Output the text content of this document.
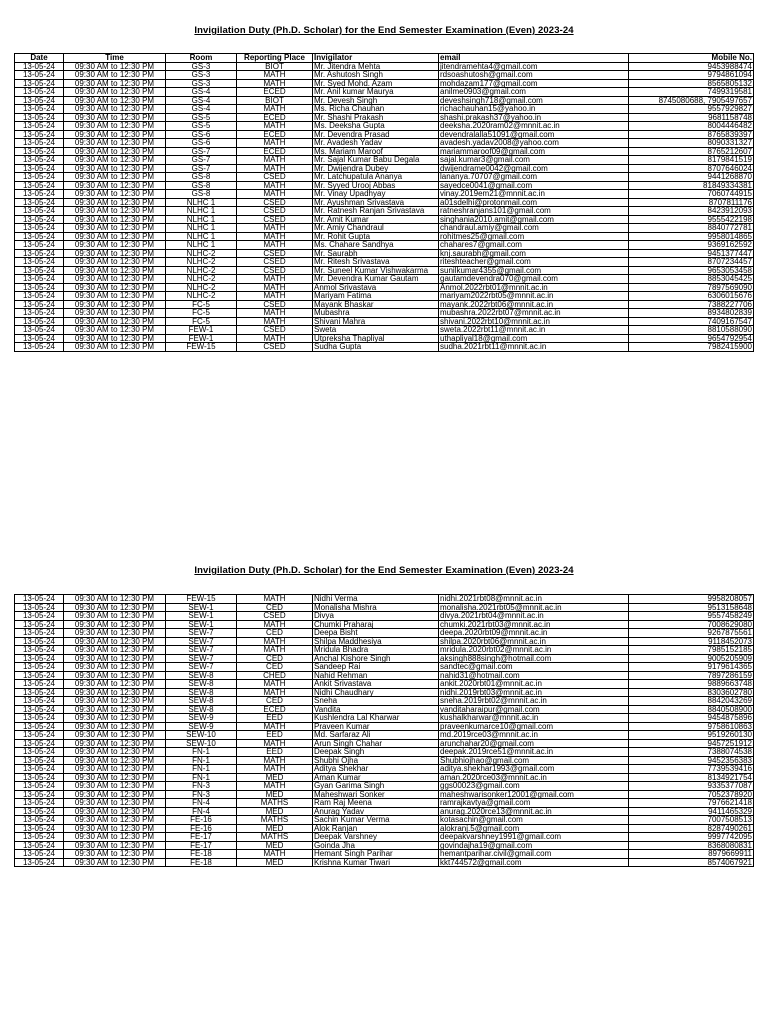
Invigilation Duty (Ph.D. Scholar) for the End Semester Examination (Even) 2023-24
Date	Time	Room	Reporting Place	Invigilator	email	Mobile No.
13-05-24	09:30 AM to 12:30 PM	GS-3	BIOT	Mr. Jitendra Mehta	jitendramehta4@gmail.com	9453988474
13-05-24	09:30 AM to 12:30 PM	GS-3	MATH	Mr. Ashutosh Singh	rdsoashutosh@gmail.com	9794861094
13-05-24	09:30 AM to 12:30 PM	GS-3	MATH	Mr. Syed Mohd. Azam	mohdazam177@gmail.com	8565805132
13-05-24	09:30 AM to 12:30 PM	GS-4	ECED	Mr. Anil kumar Maurya	anilme0903@gmail.com	7499319581
13-05-24	09:30 AM to 12:30 PM	GS-4	BIOT	Mr. Devesh Singh	deveshsingh718@gmail.com	8745080688, 7905497657
13-05-24	09:30 AM to 12:30 PM	GS-4	MATH	Ms. Richa Chauhan	richachauhan15@yahoo.in	9557929827
13-05-24	09:30 AM to 12:30 PM	GS-5	ECED	Mr. Shashi Prakash	shashi.prakash37@yahoo.in	9681158748
13-05-24	09:30 AM to 12:30 PM	GS-5	MATH	Ms. Deeksha Gupta	deeksha.2020ram02@mnnit.ac.in	8004446482
13-05-24	09:30 AM to 12:30 PM	GS-6	ECED	Mr. Devendra Prasad	devendralalla51091@gmail.com	8765839397
13-05-24	09:30 AM to 12:30 PM	GS-6	MATH	Mr. Avadesh Yadav	avadesh.yadav2008@yahoo.com	8090331327
13-05-24	09:30 AM to 12:30 PM	GS-7	ECED	Ms. Mariam Maroof	mariammaroof09@gmail.com	8765212607
13-05-24	09:30 AM to 12:30 PM	GS-7	MATH	Mr. Sajal Kumar Babu Degala	sajal.kumar3@gmail.com	8179841519
13-05-24	09:30 AM to 12:30 PM	GS-7	MATH	Mr. Dwijendra Dubey	dwijendrame0042@gmail.com	8707646024
13-05-24	09:30 AM to 12:30 PM	GS-8	CSED	Mr. Latchupatula Ananya	lananya.70707@gmail.com	9441268870
13-05-24	09:30 AM to 12:30 PM	GS-8	MATH	Mr. Syyed Urooj Abbas	sayedce0041@gmail.com	81849334381
13-05-24	09:30 AM to 12:30 PM	GS-8	MATH	Mr. Vinay Upadhyay	vinay.2019em21@mnnit.ac.in	7060744915
13-05-24	09:30 AM to 12:30 PM	NLHC 1	CSED	Mr. Ayushman Srivastava	a01sdelhi@protonmail.com	8707811176
13-05-24	09:30 AM to 12:30 PM	NLHC 1	CSED	Mr. Ratnesh Ranjan Srivastava	ratneshranjans101@gmail.com	8423912093
13-05-24	09:30 AM to 12:30 PM	NLHC 1	CSED	Mr. Amit Kumar	singhania2010.amit@gmail.com	9555422198
13-05-24	09:30 AM to 12:30 PM	NLHC 1	MATH	Mr. Amiy Chandraul	chandraul.amiy@gmail.com	8840772781
13-05-24	09:30 AM to 12:30 PM	NLHC 1	MATH	Mr. Rohit Gupta	rohitmes25@gmail.com	9958014865
13-05-24	09:30 AM to 12:30 PM	NLHC 1	MATH	Ms. Chahare Sandhya	chahares7@gmail.com	9369162592
13-05-24	09:30 AM to 12:30 PM	NLHC-2	CSED	Mr. Saurabh	knj.saurabh@gmail.com	9451377447
13-05-24	09:30 AM to 12:30 PM	NLHC-2	CSED	Mr. Ritesh Srivastava	riteshteacher@gmail.com	8707234457
13-05-24	09:30 AM to 12:30 PM	NLHC-2	CSED	Mr. Suneel Kumar Vishwakarma	sunilkumar4355@gmail.com	9653053458
13-05-24	09:30 AM to 12:30 PM	NLHC-2	MATH	Mr. Devendra Kumar Gautam	gautamdevendra070@gmail.com	8853045425
13-05-24	09:30 AM to 12:30 PM	NLHC-2	MATH	Anmol Srivastava	Anmol.2022rbt01@mnnit.ac.in	7897569090
13-05-24	09:30 AM to 12:30 PM	NLHC-2	MATH	Mariyam Fatima	mariyam2022rbt05@mnnit.ac.in	6306015676
13-05-24	09:30 AM to 12:30 PM	FC-5	CSED	Mayank Bhaskar	mayank.2022rbt06@mnnit.ac.in	7388227706
13-05-24	09:30 AM to 12:30 PM	FC-5	MATH	Mubashra	mubashra.2022rbt07@mnnit.ac.in	8934802839
13-05-24	09:30 AM to 12:30 PM	FC-5	MATH	Shivani Mahra	shivani.2022rbt10@mnnit.ac.in	7409167547
13-05-24	09:30 AM to 12:30 PM	FEW-1	CSED	Sweta	sweta.2022rbt11@mnnit.ac.in	8810588090
13-05-24	09:30 AM to 12:30 PM	FEW-1	MATH	Utpreksha Thapliyal	uthapliyal18@gmail.com	9654792954
13-05-24	09:30 AM to 12:30 PM	FEW-15	CSED	Sudha Gupta	sudha.2021rbt11@mnnit.ac.in	7982415900
Invigilation Duty (Ph.D. Scholar) for the End Semester Examination (Even) 2023-24
13-05-24	09:30 AM to 12:30 PM	FEW-15	MATH	Nidhi Verma	nidhi.2021rbt08@mnnit.ac.in	9958208057
13-05-24	09:30 AM to 12:30 PM	SEW-1	CED	Monalisha Mishra	monalisha.2021rbt05@mnnit.ac.in	9513158648
13-05-24	09:30 AM to 12:30 PM	SEW-1	CSED	Divya	divya.2021rbt04@mnnit.ac.in	9557458249
13-05-24	09:30 AM to 12:30 PM	SEW-1	MATH	Chumki Praharaj	chumki.2021rbt03@mnnit.ac.in	7008629080
13-05-24	09:30 AM to 12:30 PM	SEW-7	CED	Deepa Bisht	deepa.2020rbt09@mnnit.ac.in	9267875561
13-05-24	09:30 AM to 12:30 PM	SEW-7	MATH	Shilpa Maddhesiya	shilpa.2020rbt06@mnnit.ac.in	9118452073
13-05-24	09:30 AM to 12:30 PM	SEW-7	MATH	Mridula Bhadra	mridula.2020rbt02@mnnit.ac.in	7985152185
13-05-24	09:30 AM to 12:30 PM	SEW-7	CED	Anchal Kishore Singh	aksingh888singh@hotmail.com	9005205909
13-05-24	09:30 AM to 12:30 PM	SEW-7	CED	Sandeep Rai	sandtec@gmail.com	9179614365
13-05-24	09:30 AM to 12:30 PM	SEW-8	CHED	Nahid Rehman	nahid31@hotmail.com	7897286159
13-05-24	09:30 AM to 12:30 PM	SEW-8	MATH	Ankit Srivastava	ankit.2020rbt01@mnnit.ac.in	9889663748
13-05-24	09:30 AM to 12:30 PM	SEW-8	MATH	Nidhi Chaudhary	nidhi.2019rbt03@mnnit.ac.in	8303602780
13-05-24	09:30 AM to 12:30 PM	SEW-8	CED	Sneha	sneha.2019rbt02@mnnit.ac.in	8842043269
13-05-24	09:30 AM to 12:30 PM	SEW-8	ECED	Vandita	vanditaharaipur@gmail.com	8840508900
13-05-24	09:30 AM to 12:30 PM	SEW-9	EED	Kushlendra Lal Kharwar	kushalkharwar@mnnit.ac.in	9454875896
13-05-24	09:30 AM to 12:30 PM	SEW-9	MATH	Praveen Kumar	praveenkumarce10@gmail.com	9758610863
13-05-24	09:30 AM to 12:30 PM	SEW-10	EED	Md. Sarfaraz Ali	md.2019rce03@mnnit.ac.in	9519260130
13-05-24	09:30 AM to 12:30 PM	SEW-10	MATH	Arun Singh Chahar	arunchahar20@gmail.com	9457251912
13-05-24	09:30 AM to 12:30 PM	FN-1	EED	Deepak Singh	deepak.2019rce51@mnnit.ac.in	7388074538
13-05-24	09:30 AM to 12:30 PM	FN-1	MATH	Shubhi Ojha	Shubhiojhao@gmail.com	9452356383
13-05-24	09:30 AM to 12:30 PM	FN-1	MATH	Aditya Shekhar	aditya.shekhar1993@gmail.com	7739539416
13-05-24	09:30 AM to 12:30 PM	FN-1	MED	Aman Kumar	aman.2020rce03@mnnit.ac.in	8134921754
13-05-24	09:30 AM to 12:30 PM	FN-3	MATH	Gyan Garima Singh	ggs00023@gmail.com	9335377087
13-05-24	09:30 AM to 12:30 PM	FN-3	MED	Maheshwari Sonker	maheshwarisonker12001@gmail.com	7052378920
13-05-24	09:30 AM to 12:30 PM	FN-4	MATHS	Ram Raj Meena	ramrajkavtya@gmail.com	7976621418
13-05-24	09:30 AM to 12:30 PM	FN-4	MED	Anurag Yadav	anurag.2020rce13@mnnit.ac.in	9411465329
13-05-24	09:30 AM to 12:30 PM	FE-16	MATHS	Sachin Kumar Verma	kotasachin@gmail.com	7007508513
13-05-24	09:30 AM to 12:30 PM	FE-16	MED	Alok Ranjan	alokranj.5@gmail.com	8287490261
13-05-24	09:30 AM to 12:30 PM	FE-17	MATHS	Deepak Varshney	deepakvarshney1991@gmail.com	9997742095
13-05-24	09:30 AM to 12:30 PM	FE-17	MED	Goinda Jha	govindajha19@gmail.com	8368080831
13-05-24	09:30 AM to 12:30 PM	FE-18	MATH	Hemant Singh Parihar	hemantparihar.civil@gmail.com	8979669911
13-05-24	09:30 AM to 12:30 PM	FE-18	MED	Krishna Kumar Tiwari	kkt744572@gmail.com	8574067921
